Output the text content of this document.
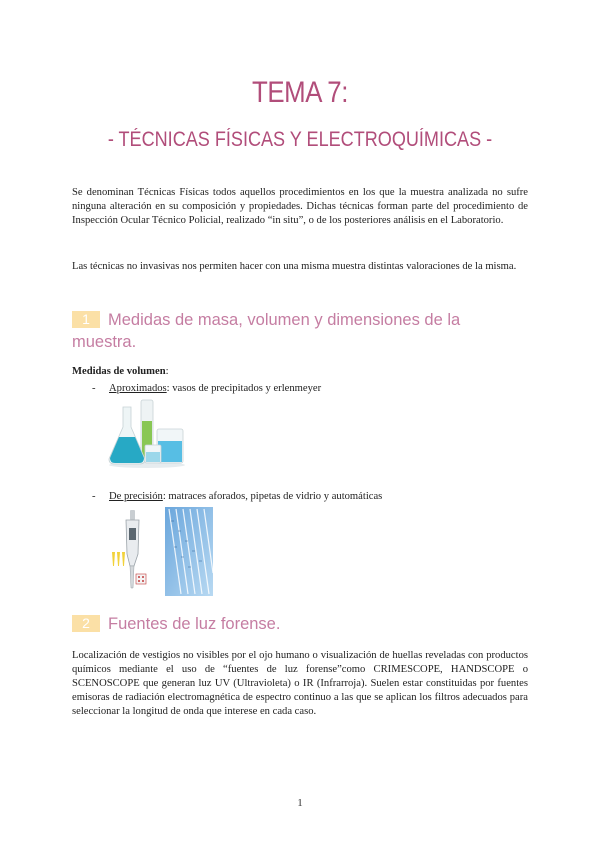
TEMA 7:
- TÉCNICAS FÍSICAS Y ELECTROQUÍMICAS -

Se denominan Técnicas Físicas todos aquellos procedimientos en los que la muestra analizada no sufre ninguna alteración en su composición y propiedades. Dichas técnicas forman parte del procedimiento de Inspección Ocular Técnico Policial, realizado “in situ”, o de los posteriores análisis en el Laboratorio.

Las técnicas no invasivas nos permiten hacer con una misma muestra distintas valoraciones de la misma.

1 Medidas de masa, volumen y dimensiones de la muestra.

Medidas de volumen:

- Aproximados: vasos de precipitados y erlenmeyer

- De precisión: matraces aforados, pipetas de vidrio y automáticas

2 Fuentes de luz forense.

Localización de vestigios no visibles por el ojo humano o visualización de huellas reveladas con productos químicos mediante el uso de “fuentes de luz forense”como CRIMESCOPE, HANDSCOPE o SCENOSCOPE que generan luz UV (Ultravioleta) o IR (Infrarroja). Suelen estar constituidas por fuentes emisoras de radiación electromagnética de espectro continuo a las que se aplican los filtros adecuados para seleccionar la longitud de onda que interese en cada caso.

1
